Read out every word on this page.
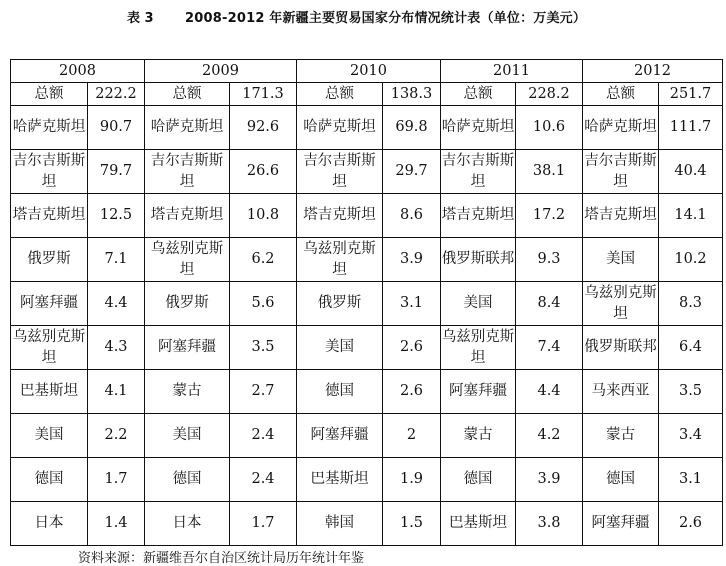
表 3 2008-2012 年新疆主要贸易国家分布情况统计表（单位：万美元）
2008		2009		2010		2011		2012	
总额	222.2	总额	171.3	总额	138.3	总额	228.2	总额	251.7
哈萨克斯坦	90.7	哈萨克斯坦	92.6	哈萨克斯坦	69.8	哈萨克斯坦	10.6	哈萨克斯坦	111.7
吉尔吉斯斯坦	79.7	吉尔吉斯斯坦	26.6	吉尔吉斯斯坦	29.7	吉尔吉斯斯坦	38.1	吉尔吉斯斯坦	40.4
塔吉克斯坦	12.5	塔吉克斯坦	10.8	塔吉克斯坦	8.6	塔吉克斯坦	17.2	塔吉克斯坦	14.1
俄罗斯	7.1	乌兹别克斯坦	6.2	乌兹别克斯坦	3.9	俄罗斯联邦	9.3	美国	10.2
阿塞拜疆	4.4	俄罗斯	5.6	俄罗斯	3.1	美国	8.4	乌兹别克斯坦	8.3
乌兹别克斯坦	4.3	阿塞拜疆	3.5	美国	2.6	乌兹别克斯坦	7.4	俄罗斯联邦	6.4
巴基斯坦	4.1	蒙古	2.7	德国	2.6	阿塞拜疆	4.4	马来西亚	3.5
美国	2.2	美国	2.4	阿塞拜疆	2	蒙古	4.2	蒙古	3.4
德国	1.7	德国	2.4	巴基斯坦	1.9	德国	3.9	德国	3.1
日本	1.4	日本	1.7	韩国	1.5	巴基斯坦	3.8	阿塞拜疆	2.6
资料来源：新疆维吾尔自治区统计局历年统计年鉴
